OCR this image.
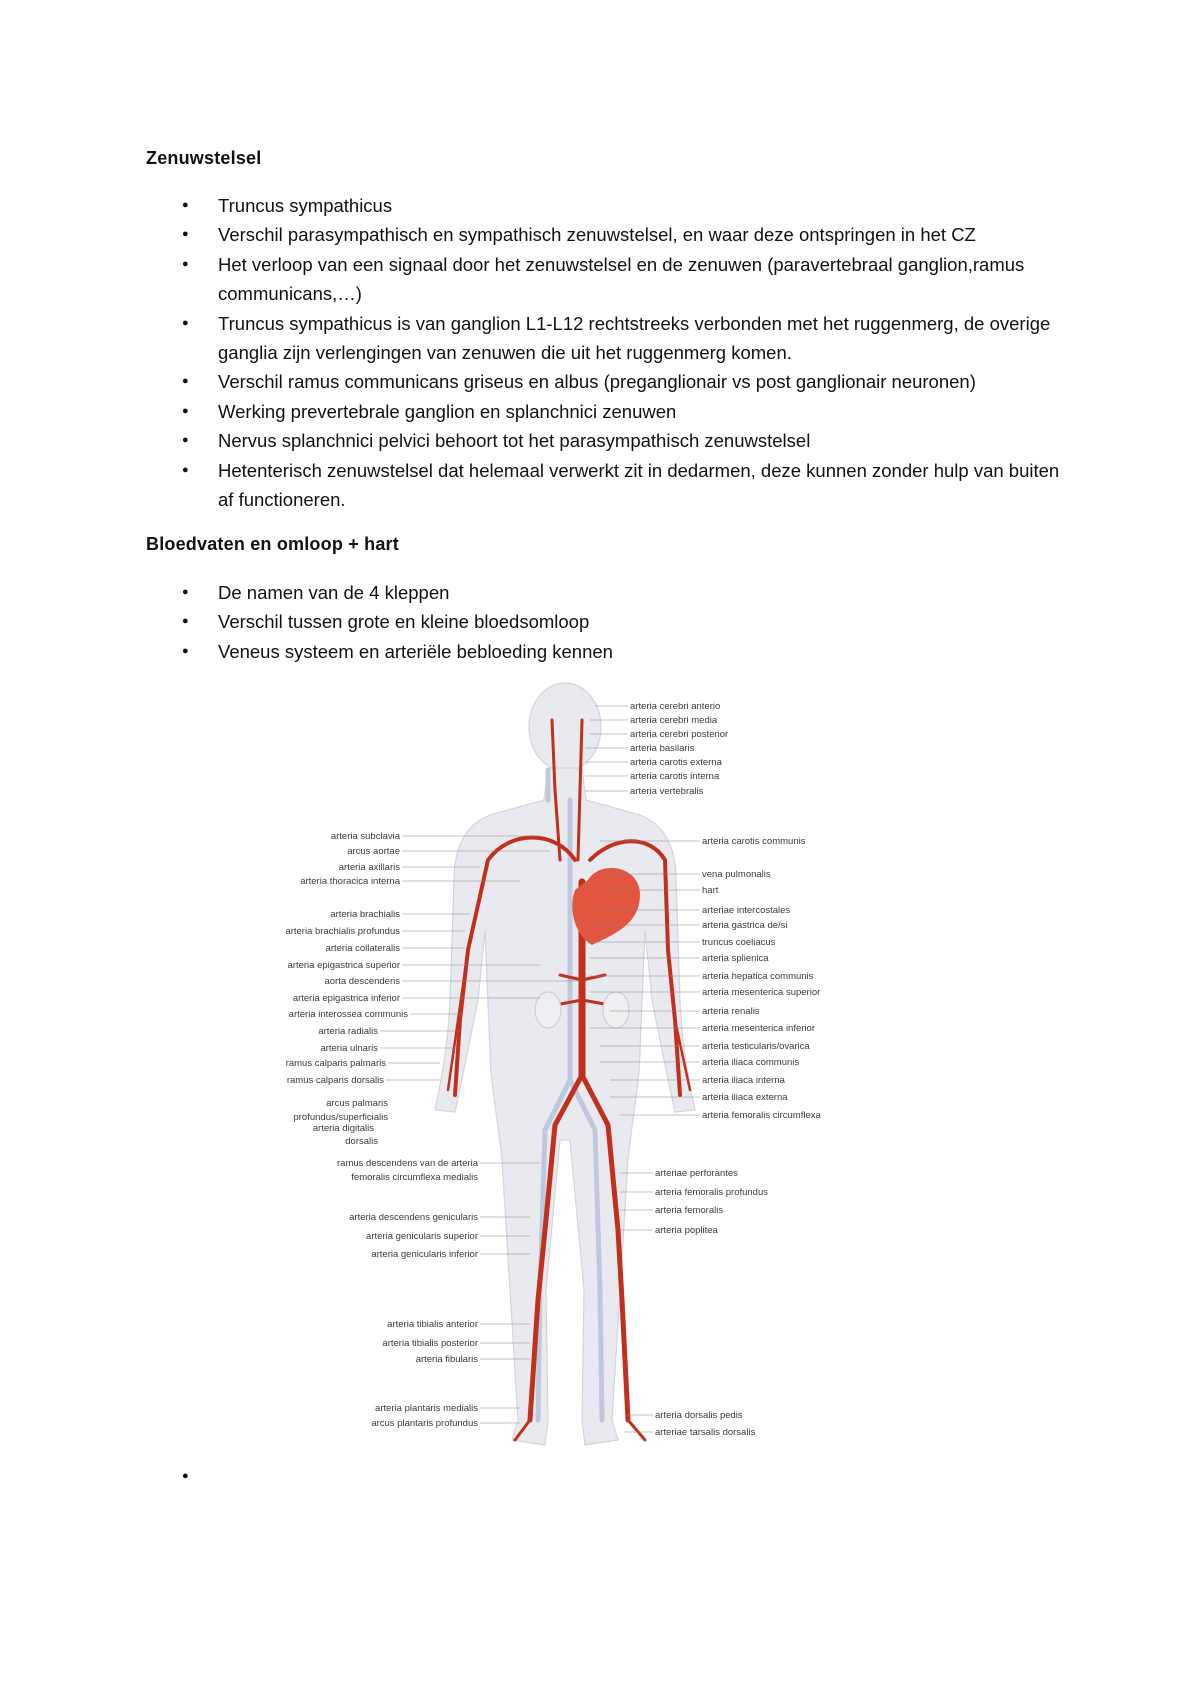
Zenuwstelsel
● Truncus sympathicus
● Verschil parasympathisch en sympathisch zenuwstelsel, en waar deze ontspringen in het CZ
● Het verloop van een signaal door het zenuwstelsel en de zenuwen (paravertebraal ganglion,ramus communicans,…)
● Truncus sympathicus is van ganglion L1-L12 rechtstreeks verbonden met het ruggenmerg, de overige ganglia zijn verlengingen van zenuwen die uit het ruggenmerg komen.
● Verschil ramus communicans griseus en albus (preganglionair vs post ganglionair neuronen)
● Werking prevertebrale ganglion en splanchnici zenuwen
● Nervus splanchnici pelvici behoort tot het parasympathisch zenuwstelsel
● Hetenterisch zenuwstelsel dat helemaal verwerkt zit in dedarmen, deze kunnen zonder hulp van buiten af functioneren.
Bloedvaten en omloop + hart
● De namen van de 4 kleppen
● Verschil tussen grote en kleine bloedsomloop
● Veneus systeem en arteriële bebloeding kennen
arteria cerebri anterio
arteria cerebri media
arteria cerebri posterior
arteria basilaris
arteria carotis externa
arteria carotis interna
arteria vertebralis
arteria carotis communis
vena pulmonalis
hart
arteriae intercostales
arteria gastrica de/si
truncus coeliacus
arteria splienica
arteria hepatica communis
arteria mesenterica superior
arteria renalis
arteria mesenterica inferior
arteria testicularis/ovarica
arteria iliaca communis
arteria iliaca interna
arteria iliaca externa
arteria femoralis circumflexa
arteriae perforantes
arteria femoralis profundus
arteria femoralis
arteria poplitea
arteria dorsalis pedis
arteriae tarsalis dorsalis
arteria subclavia
arcus aortae
arteria axillaris
arteria thoracica interna
arteria brachialis
arteria brachialis profundus
arteria collateralis
arteria epigastrica superior
aorta descendens
arteria epigastrica inferior
arteria interossea communis
arteria radialis
arteria ulnaris
ramus calparis palmaris
ramus calparis dorsalis
arcus palmaris
profundus/superficialis
arteria digitalis
dorsalis
ramus descendens van de arteria
femoralis circumflexa medialis
arteria descendens genicularis
arteria genicularis superior
arteria genicularis inferior
arteria tibialis anterior
arteria tibialis posterior
arteria fibularis
arteria plantaris medialis
arcus plantaris profundus
●
